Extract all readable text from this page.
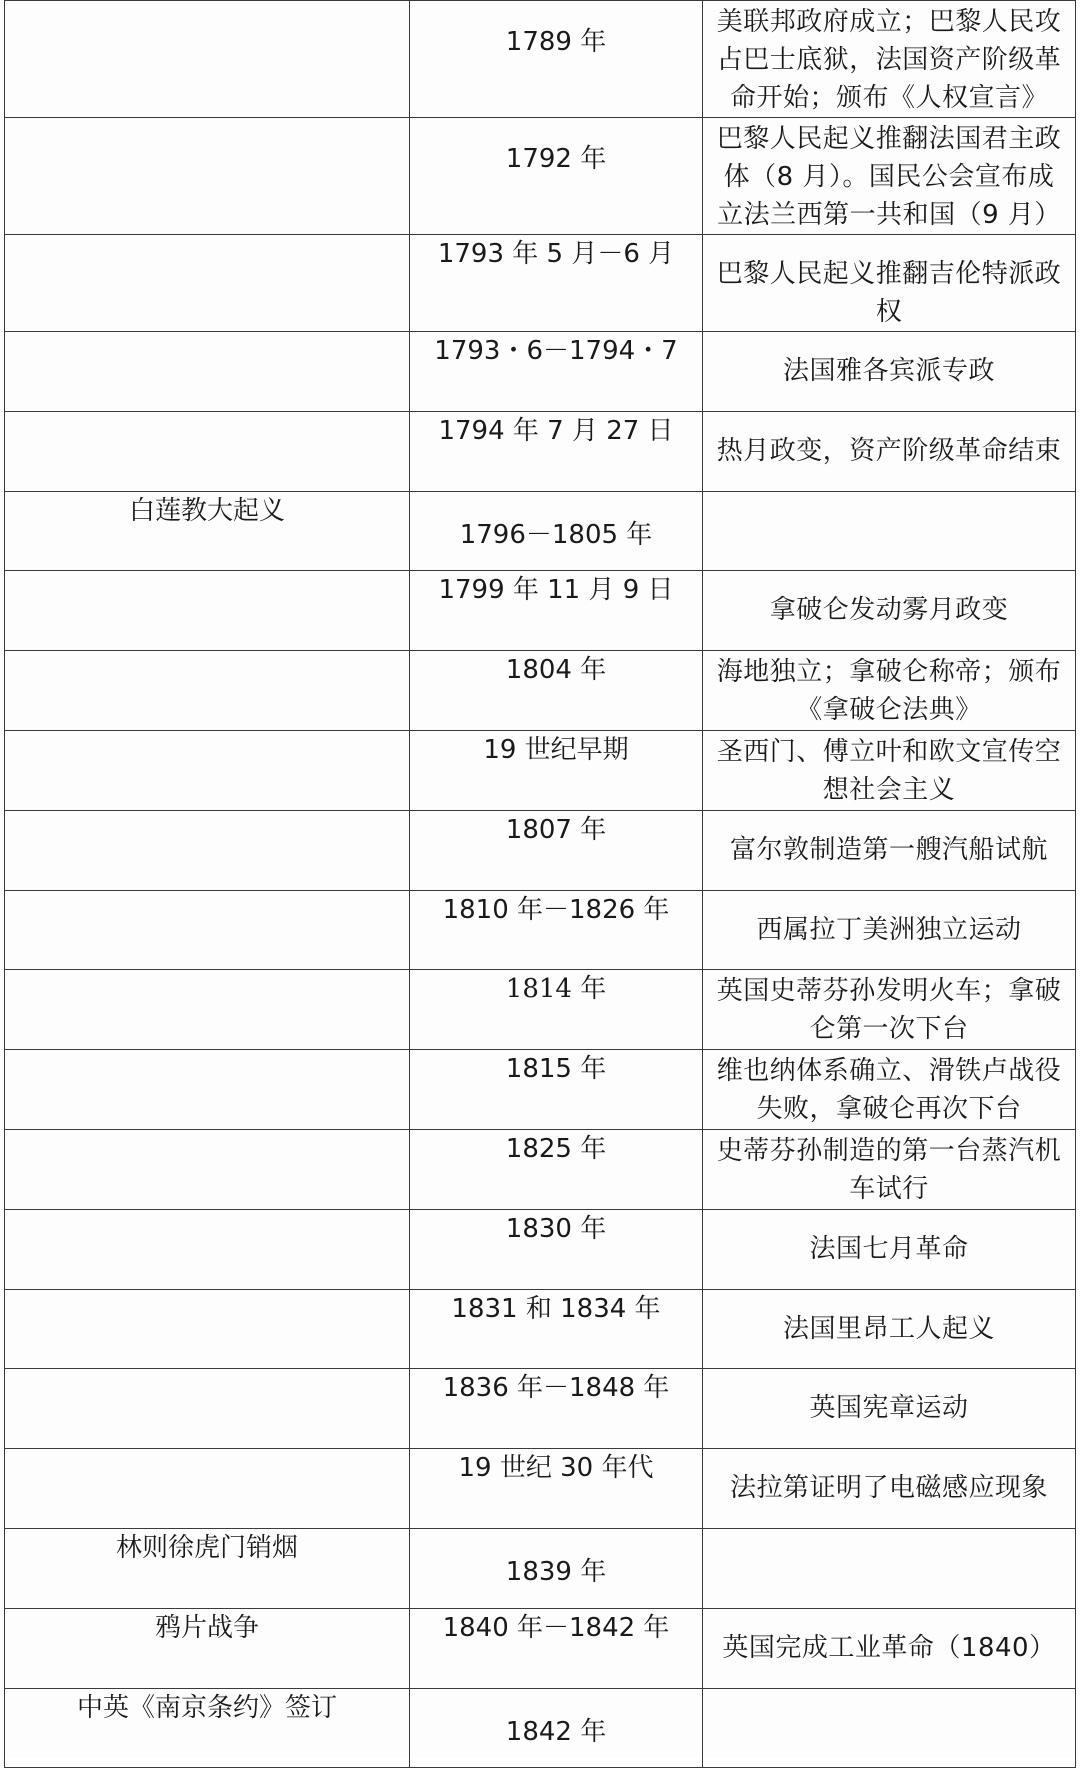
	1789 年	美联邦政府成立；巴黎人民攻占巴士底狱，法国资产阶级革命开始；颁布《人权宣言》
	1792 年	巴黎人民起义推翻法国君主政体（8 月）。国民公会宣布成立法兰西第一共和国（9 月）
	1793 年 5 月－6 月	巴黎人民起义推翻吉伦特派政权
	1793・6－1794・7	法国雅各宾派专政
	1794 年 7 月 27 日	热月政变，资产阶级革命结束
白莲教大起义	1796－1805 年	
	1799 年 11 月 9 日	拿破仑发动雾月政变
	1804 年	海地独立；拿破仑称帝；颁布《拿破仑法典》
	19 世纪早期	圣西门、傅立叶和欧文宣传空想社会主义
	1807 年	富尔敦制造第一艘汽船试航
	1810 年－1826 年	西属拉丁美洲独立运动
	1814 年	英国史蒂芬孙发明火车；拿破仑第一次下台
	1815 年	维也纳体系确立、滑铁卢战役失败，拿破仑再次下台
	1825 年	史蒂芬孙制造的第一台蒸汽机车试行
	1830 年	法国七月革命
	1831 和 1834 年	法国里昂工人起义
	1836 年－1848 年	英国宪章运动
	19 世纪 30 年代	法拉第证明了电磁感应现象
林则徐虎门销烟	1839 年	
鸦片战争	1840 年－1842 年	英国完成工业革命（1840）
中英《南京条约》签订	1842 年	
